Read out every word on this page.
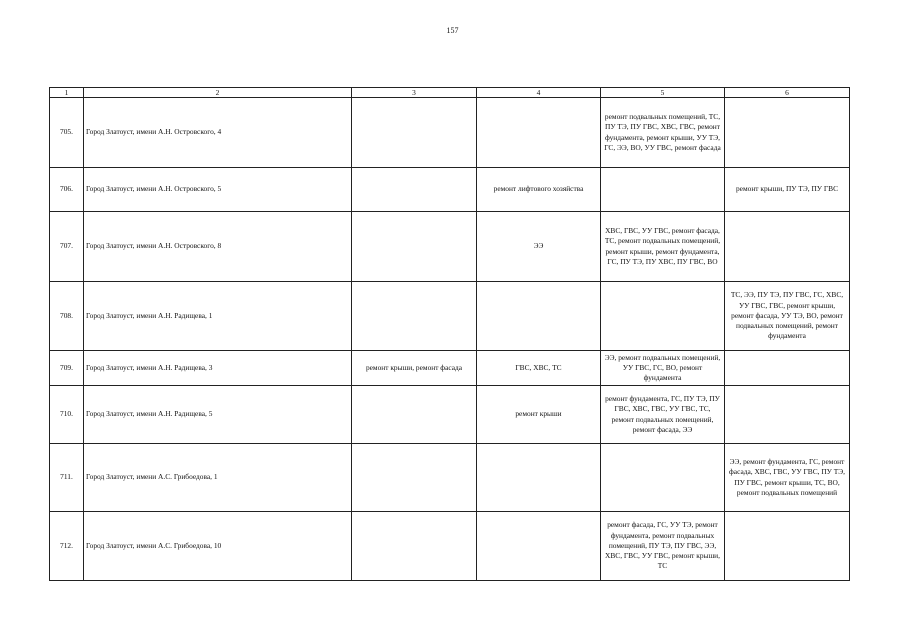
157
1	2	3	4	5	6
705.	Город Златоуст, имени А.Н. Островского, 4			ремонт подвальных помещений, ТС, ПУ ТЭ, ПУ ГВС, ХВС, ГВС, ремонт фундамента, ремонт крыши, УУ ТЭ, ГС, ЭЭ, ВО, УУ ГВС, ремонт фасада	
706.	Город Златоуст, имени А.Н. Островского, 5		ремонт лифтового хозяйства		ремонт крыши, ПУ ТЭ, ПУ ГВС
707.	Город Златоуст, имени А.Н. Островского, 8		ЭЭ	ХВС, ГВС, УУ ГВС, ремонт фасада, ТС, ремонт подвальных помещений, ремонт крыши, ремонт фундамента, ГС, ПУ ТЭ, ПУ ХВС, ПУ ГВС, ВО	
708.	Город Златоуст, имени А.Н. Радищева, 1				ТС, ЭЭ, ПУ ТЭ, ПУ ГВС, ГС, ХВС, УУ ГВС, ГВС, ремонт крыши, ремонт фасада, УУ ТЭ, ВО, ремонт подвальных помещений, ремонт фундамента
709.	Город Златоуст, имени А.Н. Радищева, 3	ремонт крыши, ремонт фасада	ГВС, ХВС, ТС	ЭЭ, ремонт подвальных помещений, УУ ГВС, ГС, ВО, ремонт фундамента	
710.	Город Златоуст, имени А.Н. Радищева, 5		ремонт крыши	ремонт фундамента, ГС, ПУ ТЭ, ПУ ГВС, ХВС, ГВС, УУ ГВС, ТС, ремонт подвальных помещений, ремонт фасада, ЭЭ	
711.	Город Златоуст, имени А.С. Грибоедова, 1				ЭЭ, ремонт фундамента, ГС, ремонт фасада, ХВС, ГВС, УУ ГВС, ПУ ТЭ, ПУ ГВС, ремонт крыши, ТС, ВО, ремонт подвальных помещений
712.	Город Златоуст, имени А.С. Грибоедова, 10			ремонт фасада, ГС, УУ ТЭ, ремонт фундамента, ремонт подвальных помещений, ПУ ТЭ, ПУ ГВС, ЭЭ, ХВС, ГВС, УУ ГВС, ремонт крыши, ТС	
